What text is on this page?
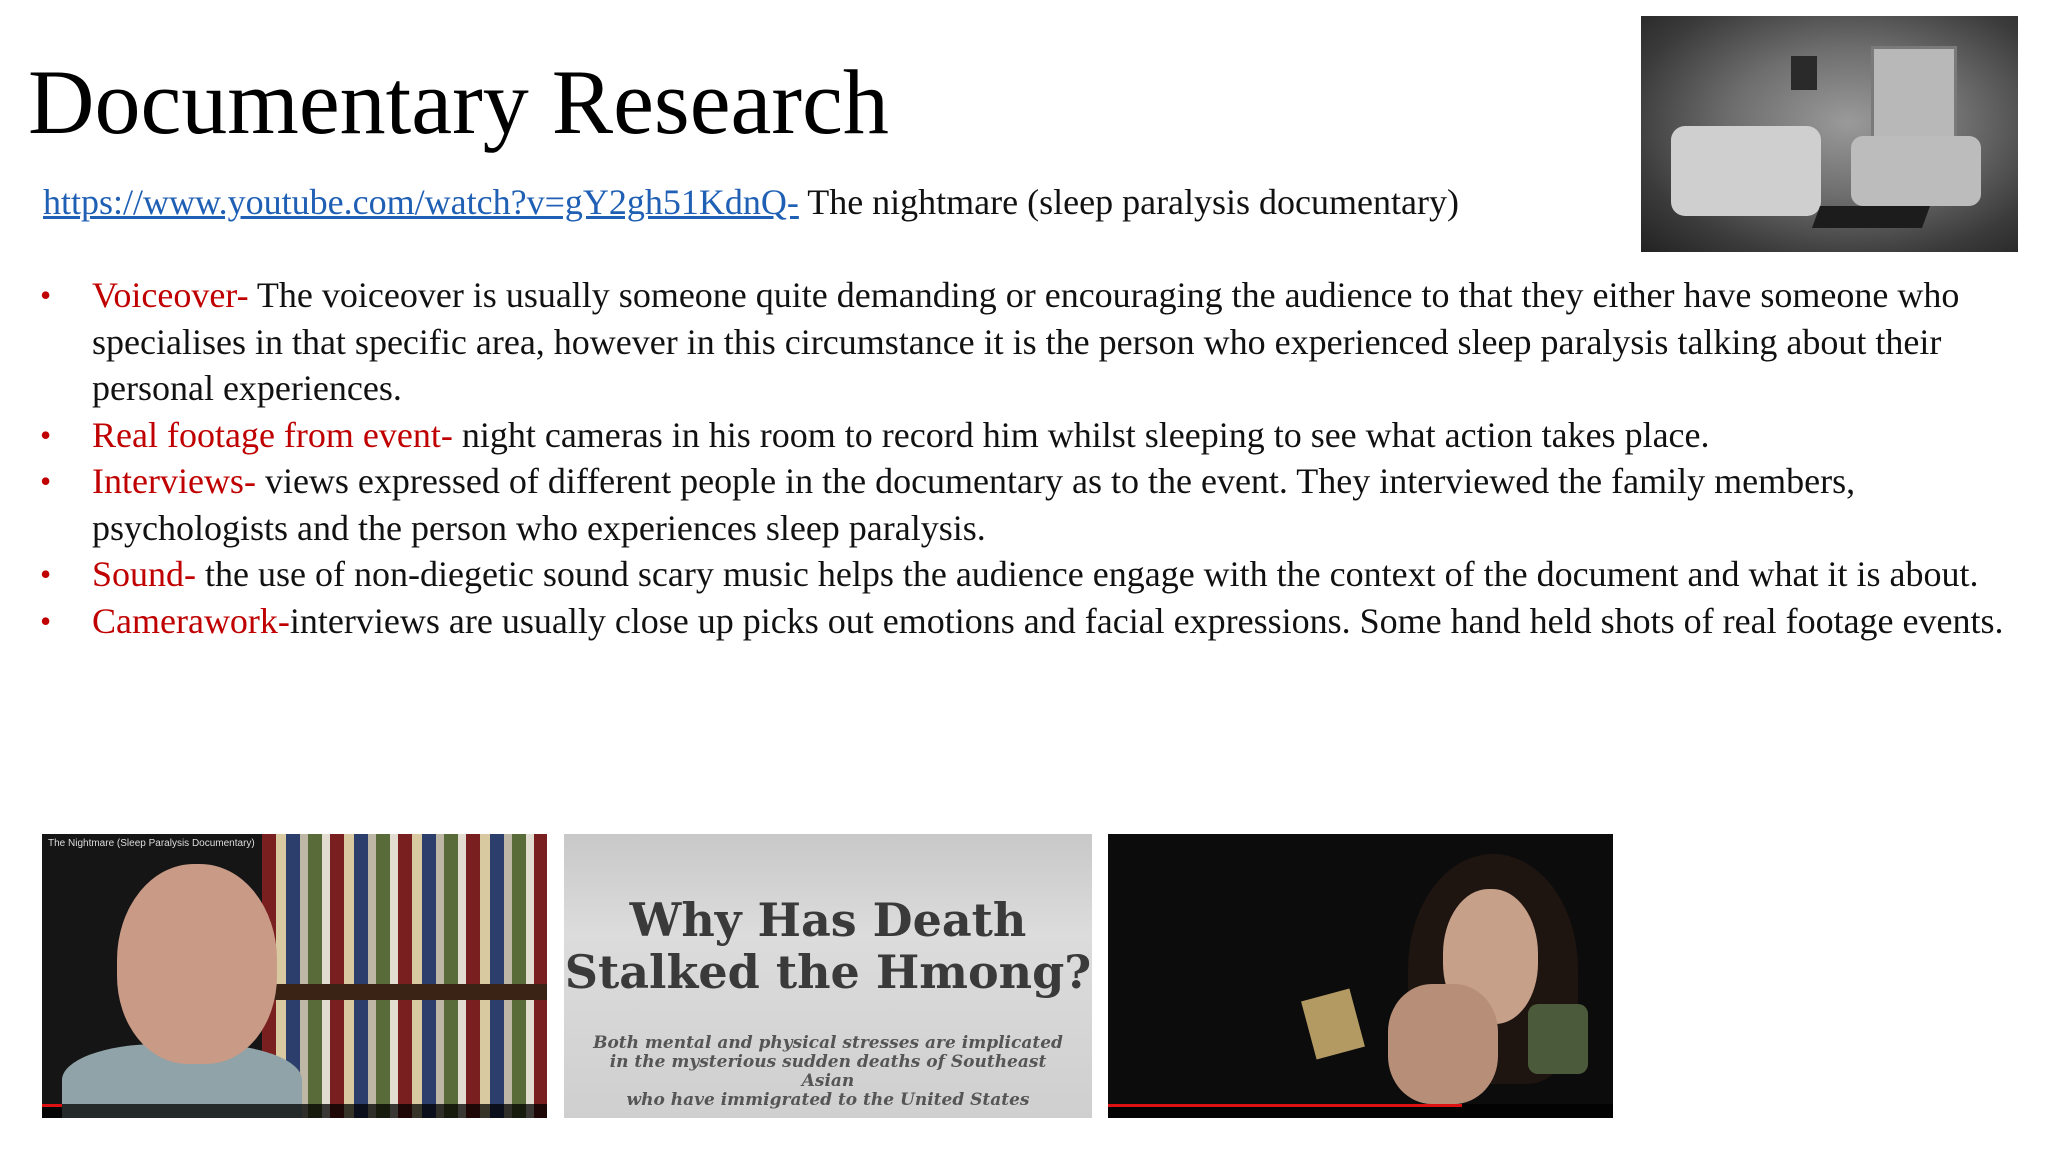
Documentary Research
https://www.youtube.com/watch?v=gY2gh51KdnQ- The nightmare (sleep paralysis documentary)
• Voiceover- The voiceover is usually someone quite demanding or encouraging the audience to that they either have someone who specialises in that specific area, however in this circumstance it is the person who experienced sleep paralysis talking about their personal experiences.
• Real footage from event- night cameras in his room to record him whilst sleeping to see what action takes place.
• Interviews- views expressed of different people in the documentary as to the event. They interviewed the family members, psychologists and the person who experiences sleep paralysis.
• Sound- the use of non-diegetic sound scary music helps the audience engage with the context of the document and what it is about.
• Camerawork-interviews are usually close up picks out emotions and facial expressions. Some hand held shots of real footage events.
The Nightmare (Sleep Paralysis Documentary)
Why Has Death
Stalked the Hmong?
Both mental and physical stresses are implicated
in the mysterious sudden deaths of Southeast Asian
who have immigrated to the United States
